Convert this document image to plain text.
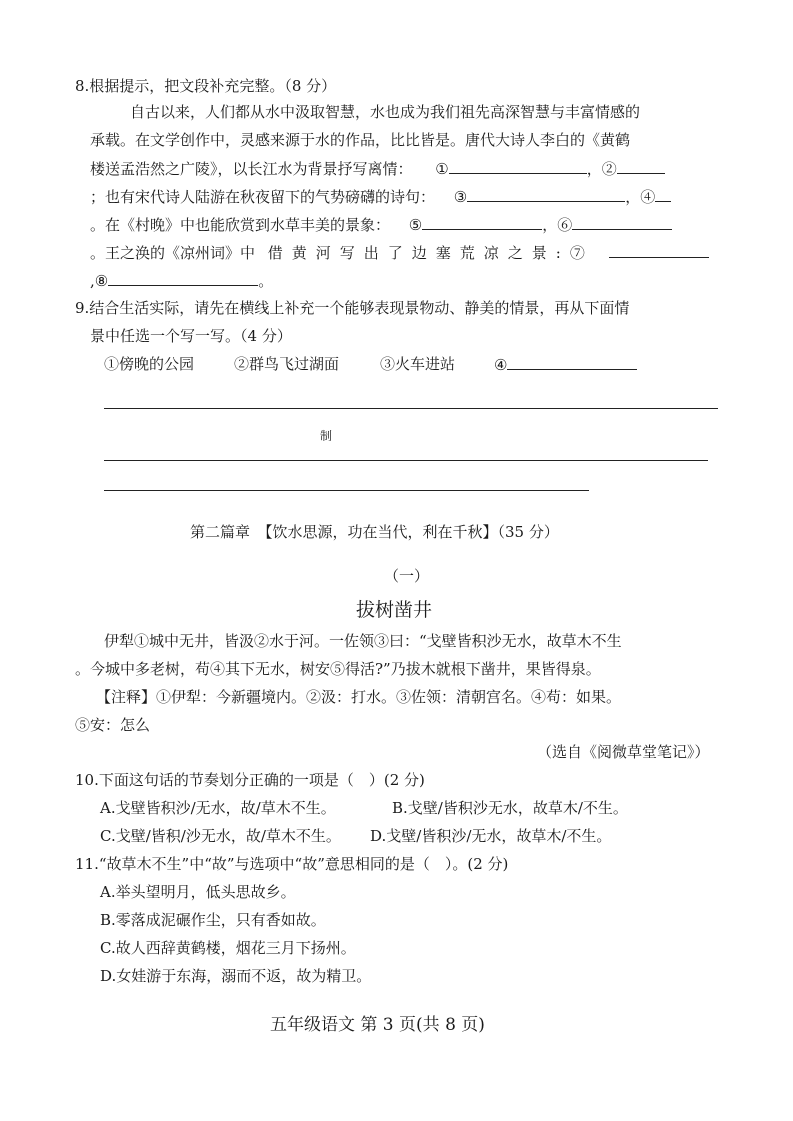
8.根据提示，把文段补充完整。（8 分）
自古以来，人们都从水中汲取智慧，水也成为我们祖先高深智慧与丰富情感的
承载。在文学创作中，灵感来源于水的作品，比比皆是。唐代大诗人李白的《黄鹤
楼送孟浩然之广陵》，以长江水为背景抒写离情： ①	，②
；也有宋代诗人陆游在秋夜留下的气势磅礴的诗句： ③	，④
。在《村晚》中也能欣赏到水草丰美的景象： ⑤	，⑥
。王之涣的《凉州词》中 借黄河写出了边塞荒凉之景:⑦
,⑧	。
9.结合生活实际，请先在横线上补充一个能够表现景物动、静美的情景，再从下面情
景中任选一个写一写。（4 分）
①傍晚的公园	②群鸟飞过湖面	③火车进站	④
制
第二篇章　【饮水思源，功在当代，利在千秋】（35 分）
（一）
拔树凿井
伊犁①城中无井，皆汲②水于河。一佐领③曰：“戈壁皆积沙无水，故草木不生
。今城中多老树，苟④其下无水，树安⑤得活?”乃拔木就根下凿井，果皆得泉。
【注释】①伊犁：今新疆境内。②汲：打水。③佐领：清朝宫名。④苟：如果。
⑤安：怎么
（选自《阅微草堂笔记》）
10.下面这句话的节奏划分正确的一项是（　）(2 分)
A.戈壁皆积沙/无水，故/草木不生。	B.戈壁/皆积沙无水，故草木/不生。
C.戈壁/皆积/沙无水，故/草木不生。 D.戈壁/皆积沙/无水，故草木/不生。
11.“故草木不生”中“故”与选项中“故”意思相同的是（　）。(2 分)
A.举头望明月，低头思故乡。
B.零落成泥碾作尘，只有香如故。
C.故人西辞黄鹤楼，烟花三月下扬州。
D.女娃游于东海，溺而不返，故为精卫。
五年级语文 第 3 页(共 8 页)
